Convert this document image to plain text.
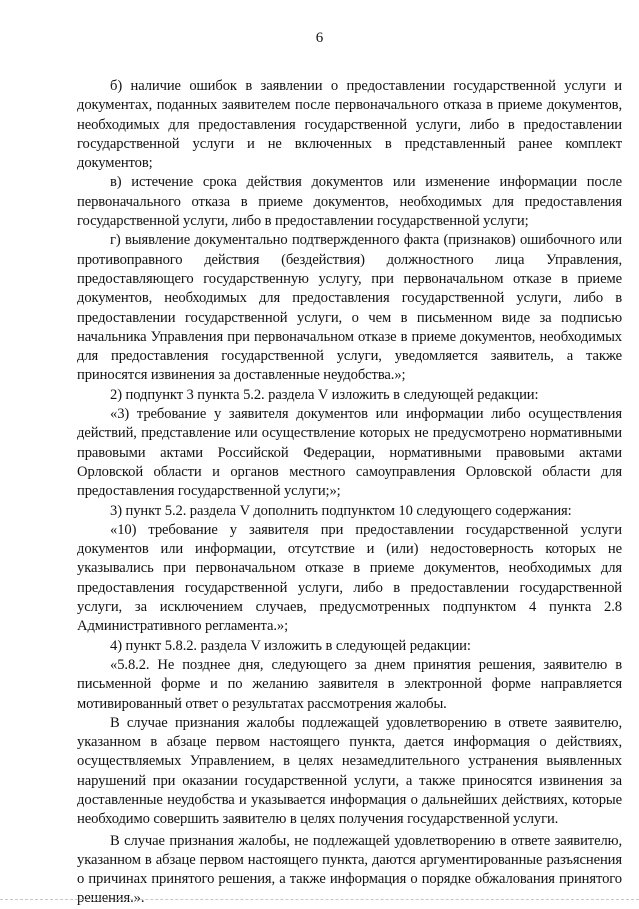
6

б) наличие ошибок в заявлении о предоставлении государственной услуги и документах, поданных заявителем после первоначального отказа в приеме документов, необходимых для предоставления государственной услуги, либо в предоставлении государственной услуги и не включенных в представленный ранее комплект документов;

в) истечение срока действия документов или изменение информации после первоначального отказа в приеме документов, необходимых для предоставления государственной услуги, либо в предоставлении государственной услуги;

г) выявление документально подтвержденного факта (признаков) ошибочного или противоправного действия (бездействия) должностного лица Управления, предоставляющего государственную услугу, при первоначальном отказе в приеме документов, необходимых для предоставления государственной услуги, либо в предоставлении государственной услуги, о чем в письменном виде за подписью начальника Управления при первоначальном отказе в приеме документов, необходимых для предоставления государственной услуги, уведомляется заявитель, а также приносятся извинения за доставленные неудобства.»;

2) подпункт 3 пункта 5.2. раздела V изложить в следующей редакции:

«3) требование у заявителя документов или информации либо осуществления действий, представление или осуществление которых не предусмотрено нормативными правовыми актами Российской Федерации, нормативными правовыми актами Орловской области и органов местного самоуправления Орловской области для предоставления государственной услуги;»;

3) пункт 5.2. раздела V дополнить подпунктом 10 следующего содержания:

«10) требование у заявителя при предоставлении государственной услуги документов или информации, отсутствие и (или) недостоверность которых не указывались при первоначальном отказе в приеме документов, необходимых для предоставления государственной услуги, либо в предоставлении государственной услуги, за исключением случаев, предусмотренных подпунктом 4 пункта 2.8 Административного регламента.»;

4) пункт 5.8.2. раздела V изложить в следующей редакции:

«5.8.2. Не позднее дня, следующего за днем принятия решения, заявителю в письменной форме и по желанию заявителя в электронной форме направляется мотивированный ответ о результатах рассмотрения жалобы.

В случае признания жалобы подлежащей удовлетворению в ответе заявителю, указанном в абзаце первом настоящего пункта, дается информация о действиях, осуществляемых Управлением, в целях незамедлительного устранения выявленных нарушений при оказании государственной услуги, а также приносятся извинения за доставленные неудобства и указывается информация о дальнейших действиях, которые необходимо совершить заявителю в целях получения государственной услуги.

В случае признания жалобы, не подлежащей удовлетворению в ответе заявителю, указанном в абзаце первом настоящего пункта, даются аргументированные разъяснения о причинах принятого решения, а также информация о порядке обжалования принятого решения.».
